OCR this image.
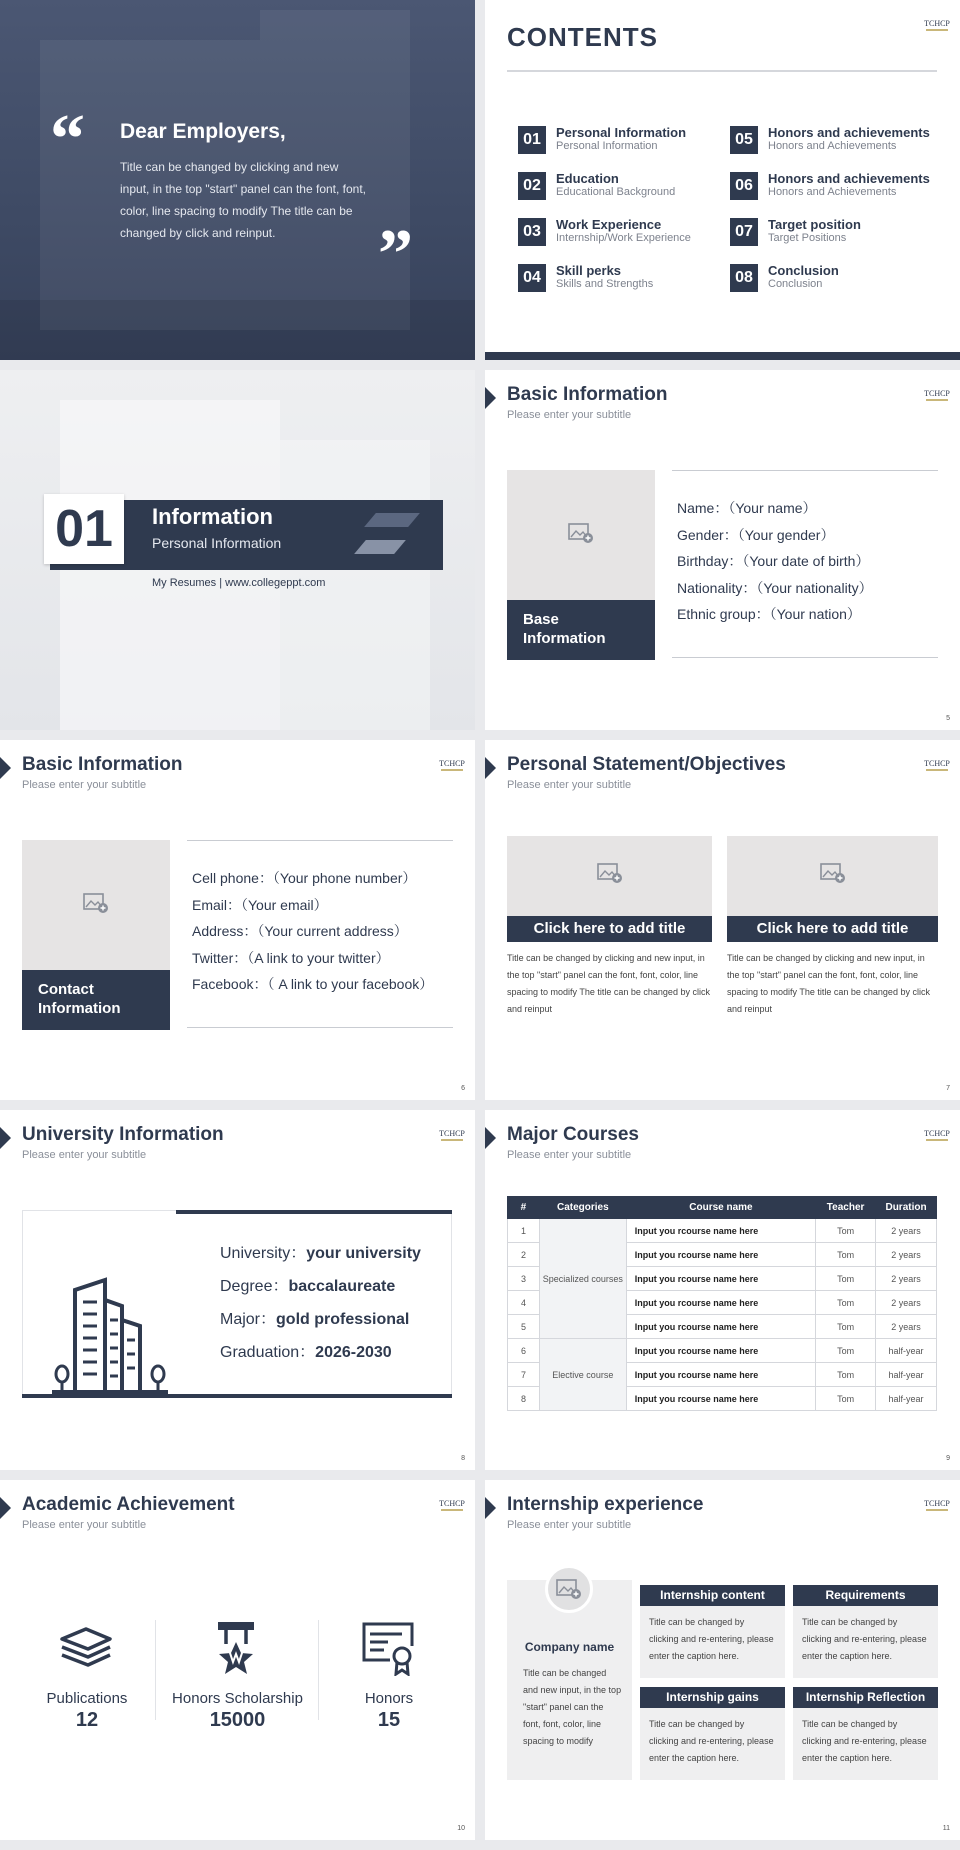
“ Dear Employers,
Title can be changed by clicking and new input, in the top "start" panel can the font, font, color, line spacing to modify The title can be changed by click and reinput.	”
CONTENTS	TCHCP
01	Personal Information
Personal Information
02	Education
Educational Background
03	Work Experience
Internship/Work Experience
04	Skill perks
Skills and Strengths
05	Honors and achievements
Honors and Achievements
06	Honors and achievements
Honors and Achievements
07	Target position
Target Positions
08	Conclusion
Conclusion
01	Information
Personal Information
My Resumes | www.collegeppt.com
Basic Information
Please enter your subtitle
TCHCP
Base Information
Name：（Your name）
Gender：（Your gender）
Birthday：（Your date of birth）
Nationality：（Your nationality）
Ethnic group：（Your nation）
5
Basic Information
Please enter your subtitle
TCHCP
Contact Information
Cell phone：（Your phone number）
Email：（Your email）
Address：（Your current address）
Twitter：（A link to your twitter）
Facebook：（ A link to your facebook）
6
Personal Statement/Objectives
Please enter your subtitle
TCHCP
Click here to add title
Title can be changed by clicking and new input, in the top "start" panel can the font, font, color, line spacing to modify The title can be changed by click and reinput
Click here to add title
Title can be changed by clicking and new input, in the top "start" panel can the font, font, color, line spacing to modify The title can be changed by click and reinput
7
University Information
Please enter your subtitle
TCHCP
University：your university
Degree：baccalaureate
Major：gold professional
Graduation：2026-2030
8
Major Courses
Please enter your subtitle
TCHCP
#	Categories	Course name	Teacher	Duration
1	Specialized courses	Input you rcourse name here	Tom	2 years
2		Input you rcourse name here	Tom	2 years
3		Input you rcourse name here	Tom	2 years
4		Input you rcourse name here	Tom	2 years
5		Input you rcourse name here	Tom	2 years
6	Elective course	Input you rcourse name here	Tom	half-year
7		Input you rcourse name here	Tom	half-year
8		Input you rcourse name here	Tom	half-year
9
Academic Achievement
Please enter your subtitle
TCHCP
Publications
12
Honors Scholarship
15000
Honors
15
10
Internship experience
Please enter your subtitle
TCHCP
Company name
Title can be changed and new input, in the top "start" panel can the font, font, color, line spacing to modify
Internship content
Title can be changed by clicking and re-entering, please enter the caption here.
Requirements
Title can be changed by clicking and re-entering, please enter the caption here.
Internship gains
Title can be changed by clicking and re-entering, please enter the caption here.
Internship Reflection
Title can be changed by clicking and re-entering, please enter the caption here.
11
